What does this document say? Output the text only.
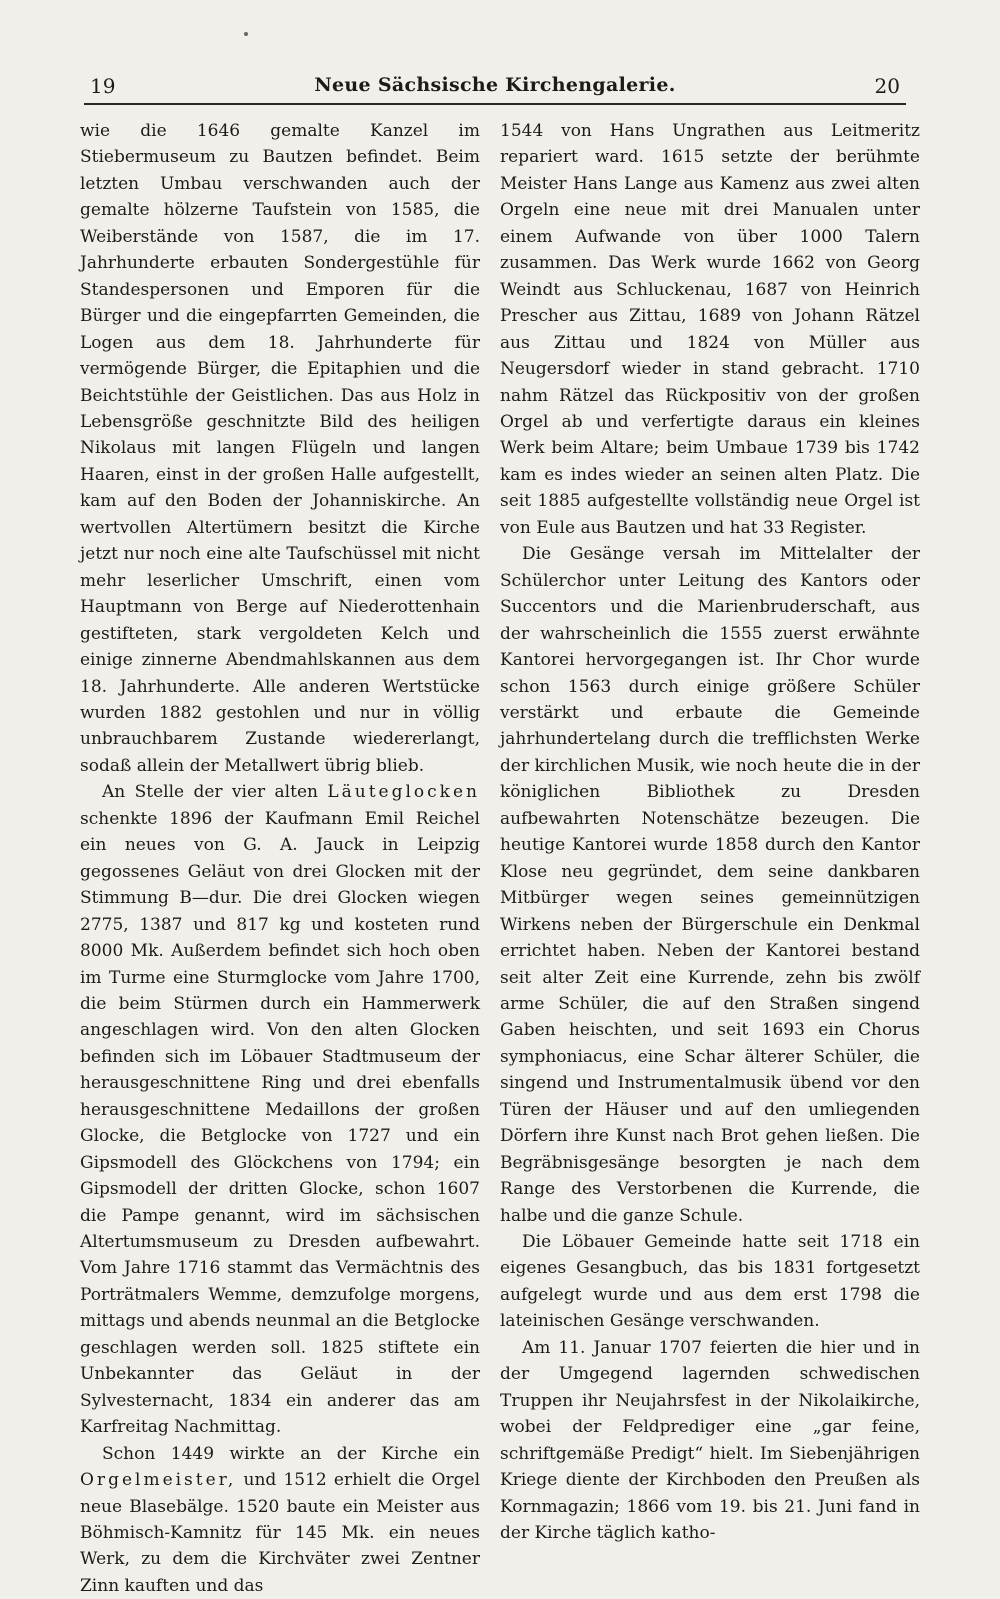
19	Neue Sächsische Kirchengalerie.	20

wie die 1646 gemalte Kanzel im Stiebermuseum zu Bautzen befindet. Beim letzten Umbau verschwanden auch der gemalte hölzerne Taufstein von 1585, die Weiberstände von 1587, die im 17. Jahrhunderte erbauten Sondergestühle für Standespersonen und Emporen für die Bürger und die eingepfarrten Gemeinden, die Logen aus dem 18. Jahrhunderte für vermögende Bürger, die Epitaphien und die Beichtstühle der Geistlichen. Das aus Holz in Lebensgröße geschnitzte Bild des heiligen Nikolaus mit langen Flügeln und langen Haaren, einst in der großen Halle aufgestellt, kam auf den Boden der Johanniskirche. An wertvollen Altertümern besitzt die Kirche jetzt nur noch eine alte Taufschüssel mit nicht mehr leserlicher Umschrift, einen vom Hauptmann von Berge auf Niederottenhain gestifteten, stark vergoldeten Kelch und einige zinnerne Abendmahlskannen aus dem 18. Jahrhunderte. Alle anderen Wertstücke wurden 1882 gestohlen und nur in völlig unbrauchbarem Zustande wiedererlangt, sodaß allein der Metallwert übrig blieb.

An Stelle der vier alten Läuteglocken schenkte 1896 der Kaufmann Emil Reichel ein neues von G. A. Jauck in Leipzig gegossenes Geläut von drei Glocken mit der Stimmung B—dur. Die drei Glocken wiegen 2775, 1387 und 817 kg und kosteten rund 8000 Mk. Außerdem befindet sich hoch oben im Turme eine Sturmglocke vom Jahre 1700, die beim Stürmen durch ein Hammerwerk angeschlagen wird. Von den alten Glocken befinden sich im Löbauer Stadtmuseum der herausgeschnittene Ring und drei ebenfalls herausgeschnittene Medaillons der großen Glocke, die Betglocke von 1727 und ein Gipsmodell des Glöckchens von 1794; ein Gipsmodell der dritten Glocke, schon 1607 die Pampe genannt, wird im sächsischen Altertumsmuseum zu Dresden aufbewahrt. Vom Jahre 1716 stammt das Vermächtnis des Porträtmalers Wemme, demzufolge morgens, mittags und abends neunmal an die Betglocke geschlagen werden soll. 1825 stiftete ein Unbekannter das Geläut in der Sylvesternacht, 1834 ein anderer das am Karfreitag Nachmittag.

Schon 1449 wirkte an der Kirche ein Orgelmeister, und 1512 erhielt die Orgel neue Blasebälge. 1520 baute ein Meister aus Böhmisch-Kamnitz für 145 Mk. ein neues Werk, zu dem die Kirchväter zwei Zentner Zinn kauften und das

1544 von Hans Ungrathen aus Leitmeritz repariert ward. 1615 setzte der berühmte Meister Hans Lange aus Kamenz aus zwei alten Orgeln eine neue mit drei Manualen unter einem Aufwande von über 1000 Talern zusammen. Das Werk wurde 1662 von Georg Weindt aus Schluckenau, 1687 von Heinrich Prescher aus Zittau, 1689 von Johann Rätzel aus Zittau und 1824 von Müller aus Neugersdorf wieder in stand gebracht. 1710 nahm Rätzel das Rückpositiv von der großen Orgel ab und verfertigte daraus ein kleines Werk beim Altare; beim Umbaue 1739 bis 1742 kam es indes wieder an seinen alten Platz. Die seit 1885 aufgestellte vollständig neue Orgel ist von Eule aus Bautzen und hat 33 Register.

Die Gesänge versah im Mittelalter der Schülerchor unter Leitung des Kantors oder Succentors und die Marienbruderschaft, aus der wahrscheinlich die 1555 zuerst erwähnte Kantorei hervorgegangen ist. Ihr Chor wurde schon 1563 durch einige größere Schüler verstärkt und erbaute die Gemeinde jahrhundertelang durch die trefflichsten Werke der kirchlichen Musik, wie noch heute die in der königlichen Bibliothek zu Dresden aufbewahrten Notenschätze bezeugen. Die heutige Kantorei wurde 1858 durch den Kantor Klose neu gegründet, dem seine dankbaren Mitbürger wegen seines gemeinnützigen Wirkens neben der Bürgerschule ein Denkmal errichtet haben. Neben der Kantorei bestand seit alter Zeit eine Kurrende, zehn bis zwölf arme Schüler, die auf den Straßen singend Gaben heischten, und seit 1693 ein Chorus symphoniacus, eine Schar älterer Schüler, die singend und Instrumentalmusik übend vor den Türen der Häuser und auf den umliegenden Dörfern ihre Kunst nach Brot gehen ließen. Die Begräbnisgesänge besorgten je nach dem Range des Verstorbenen die Kurrende, die halbe und die ganze Schule.

Die Löbauer Gemeinde hatte seit 1718 ein eigenes Gesangbuch, das bis 1831 fortgesetzt aufgelegt wurde und aus dem erst 1798 die lateinischen Gesänge verschwanden.

Am 11. Januar 1707 feierten die hier und in der Umgegend lagernden schwedischen Truppen ihr Neujahrsfest in der Nikolaikirche, wobei der Feldprediger eine „gar feine, schriftgemäße Predigt“ hielt. Im Siebenjährigen Kriege diente der Kirchboden den Preußen als Kornmagazin; 1866 vom 19. bis 21. Juni fand in der Kirche täglich katho-
